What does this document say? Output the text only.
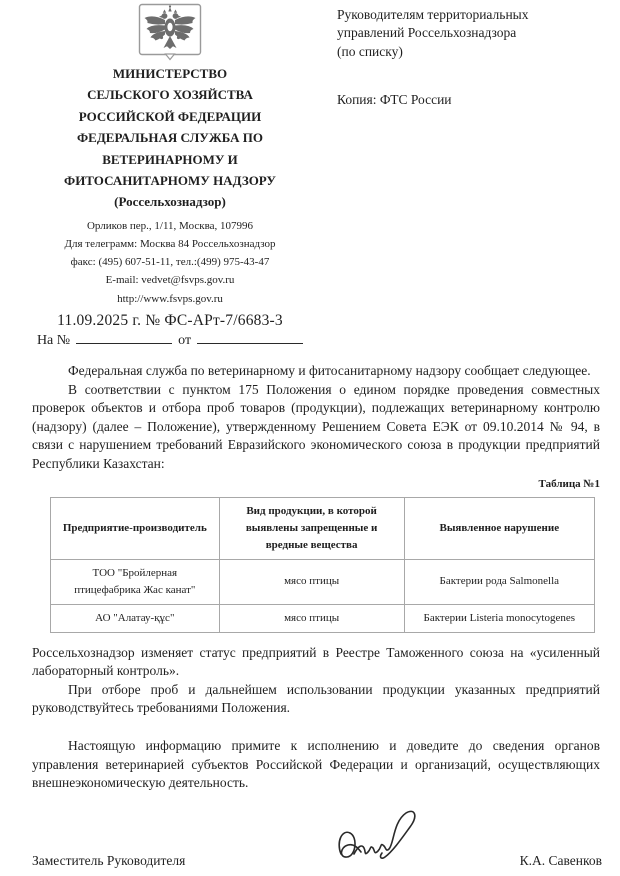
МИНИСТЕРСТВО
СЕЛЬСКОГО ХОЗЯЙСТВА
РОССИЙСКОЙ ФЕДЕРАЦИИ
ФЕДЕРАЛЬНАЯ СЛУЖБА ПО
ВЕТЕРИНАРНОМУ И
ФИТОСАНИТАРНОМУ НАДЗОРУ
(Россельхознадзор)
Орликов пер., 1/11, Москва, 107996
Для телеграмм: Москва 84 Россельхознадзор
факс: (495) 607-51-11, тел.:(499) 975-43-47
E-mail: vedvet@fsvps.gov.ru
http://www.fsvps.gov.ru
11.09.2025 г. № ФС-АРт-7/6683-3
На №	от
Руководителям территориальных
управлений Россельхознадзора
(по списку)
Копия: ФТС России

Федеральная служба по ветеринарному и фитосанитарному надзору сообщает следующее.

В соответствии с пунктом 175 Положения о едином порядке проведения совместных проверок объектов и отбора проб товаров (продукции), подлежащих ветеринарному контролю (надзору) (далее – Положение), утвержденному Решением Совета ЕЭК от 09.10.2014 № 94, в связи с нарушением требований Евразийского экономического союза в продукции предприятий Республики Казахстан:

Таблица №1
Предприятие-производитель	Вид продукции, в которой выявлены запрещенные и вредные вещества	Выявленное нарушение
ТОО "Бройлерная птицефабрика Жас канат"	мясо птицы	Бактерии рода Salmonella
АО "Алатау-құс"	мясо птицы	Бактерии Listeria monocytogenes

Россельхознадзор изменяет статус предприятий в Реестре Таможенного союза на «усиленный лабораторный контроль».

При отборе проб и дальнейшем использовании продукции указанных предприятий руководствуйтесь требованиями Положения.

Настоящую информацию примите к исполнению и доведите до сведения органов управления ветеринарией субъектов Российской Федерации и организаций, осуществляющих внешнеэкономическую деятельность.

Заместитель Руководителя	К.А. Савенков
